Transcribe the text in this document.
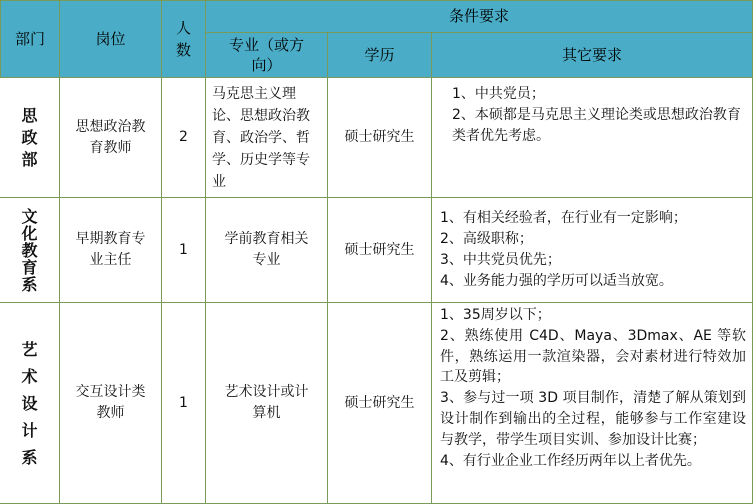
部门	岗位
人
数
条件要求
专业（或方向）
学历	其它要求
思
政
部
思想政治教育教师
2
马克思主义理论、思想政治教育、政治学、哲学、历史学等专业
硕士研究生
1、中共党员；
2、本硕都是马克思主义理论类或思想政治教育类者优先考虑。
文
化
教
育
系
早期教育专业主任
1
学前教育相关专业
硕士研究生
1、有相关经验者，在行业有一定影响；
2、高级职称；
3、中共党员优先；
4、业务能力强的学历可以适当放宽。
艺
术
设
计
系
交互设计类教师
1
艺术设计或计算机
硕士研究生
1、35周岁以下；
2、熟练使用 C4D、Maya、3Dmax、AE 等软件，熟练运用一款渲染器，会对素材进行特效加工及剪辑；
3、参与过一项 3D 项目制作，清楚了解从策划到设计制作到输出的全过程，能够参与工作室建设与教学，带学生项目实训、参加设计比赛；
4、有行业企业工作经历两年以上者优先。
